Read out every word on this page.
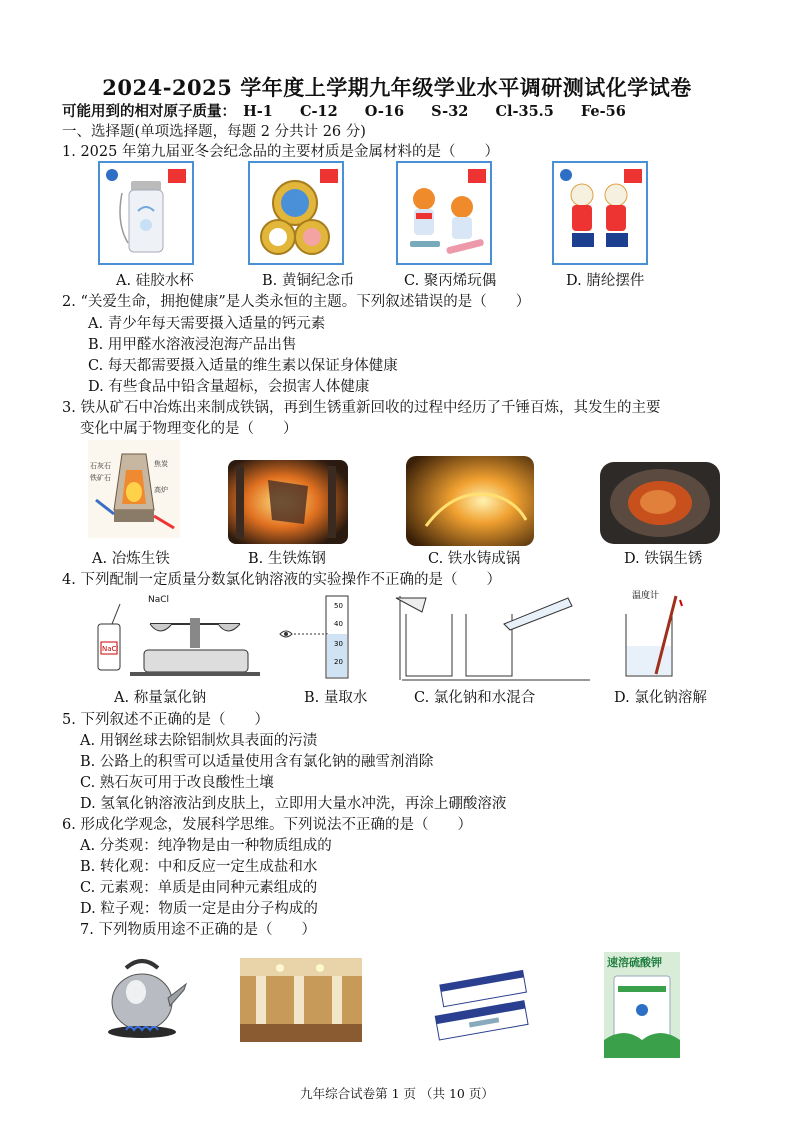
2024-2025 学年度上学期九年级学业水平调研测试化学试卷
可能用到的相对原子质量： H-1 C-12 O-16 S-32 Cl-35.5 Fe-56
一、选择题(单项选择题，每题 2 分共计 26 分)
1. 2025 年第九届亚冬会纪念品的主要材质是金属材料的是（　　）
A. 硅胶水杯	B. 黄铜纪念币	C. 聚丙烯玩偶	D. 腈纶摆件
2. “关爱生命，拥抱健康”是人类永恒的主题。下列叙述错误的是（　　）
A. 青少年每天需要摄入适量的钙元素
B. 用甲醛水溶液浸泡海产品出售
C. 每天都需要摄入适量的维生素以保证身体健康
D. 有些食品中铅含量超标，会损害人体健康
3. 铁从矿石中冶炼出来制成铁锅，再到生锈重新回收的过程中经历了千锤百炼，其发生的主要
变化中属于物理变化的是（　　）
石灰石
铁矿石
焦炭
高炉
A. 冶炼生铁	B. 生铁炼钢	C. 铁水铸成锅	D. 铁锅生锈
4. 下列配制一定质量分数氯化钠溶液的实验操作不正确的是（　　）
NaCl
NaCl
50
40
30
20
温度计
A. 称量氯化钠	B. 量取水	C. 氯化钠和水混合	D. 氯化钠溶解
5. 下列叙述不正确的是（　　）
A. 用钢丝球去除铝制炊具表面的污渍
B. 公路上的积雪可以适量使用含有氯化钠的融雪剂消除
C. 熟石灰可用于改良酸性土壤
D. 氢氧化钠溶液沾到皮肤上，立即用大量水冲洗，再涂上硼酸溶液
6. 形成化学观念，发展科学思维。下列说法不正确的是（　　）
A. 分类观：纯净物是由一种物质组成的
B. 转化观：中和反应一定生成盐和水
C. 元素观：单质是由同种元素组成的
D. 粒子观：物质一定是由分子构成的
7. 下列物质用途不正确的是（　　）
速溶硫酸钾
九年综合试卷第 1 页 （共 10 页）
